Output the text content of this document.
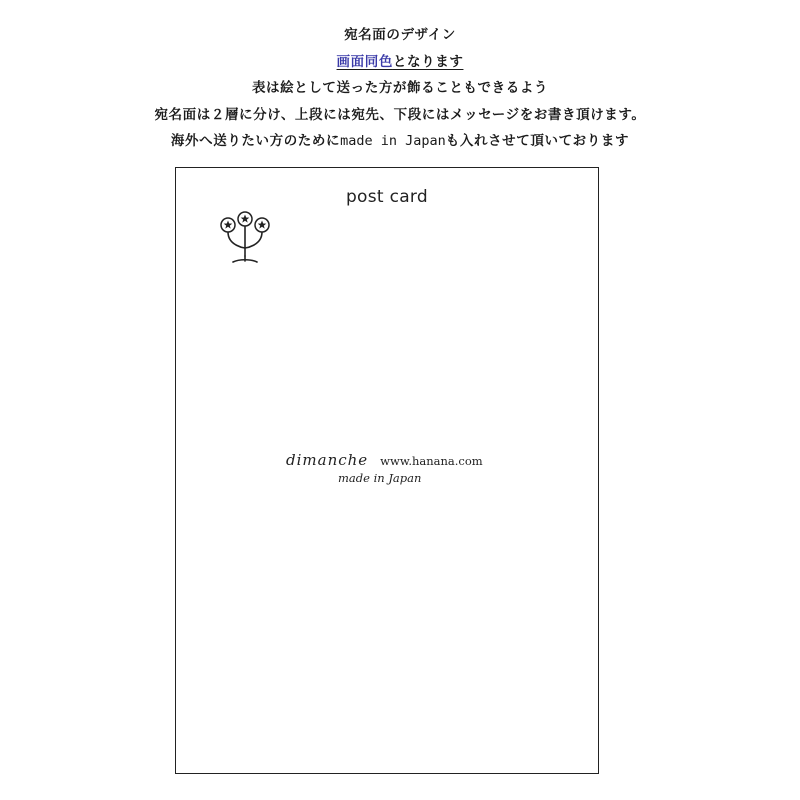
宛名面のデザイン
画面同色となります
表は絵として送った方が飾ることもできるよう
宛名面は２層に分け、上段には宛先、下段にはメッセージをお書き頂けます。
海外へ送りたい方のためにmade in Japanも入れさせて頂いております
post card
dimanche www.hanana.com
made in Japan
